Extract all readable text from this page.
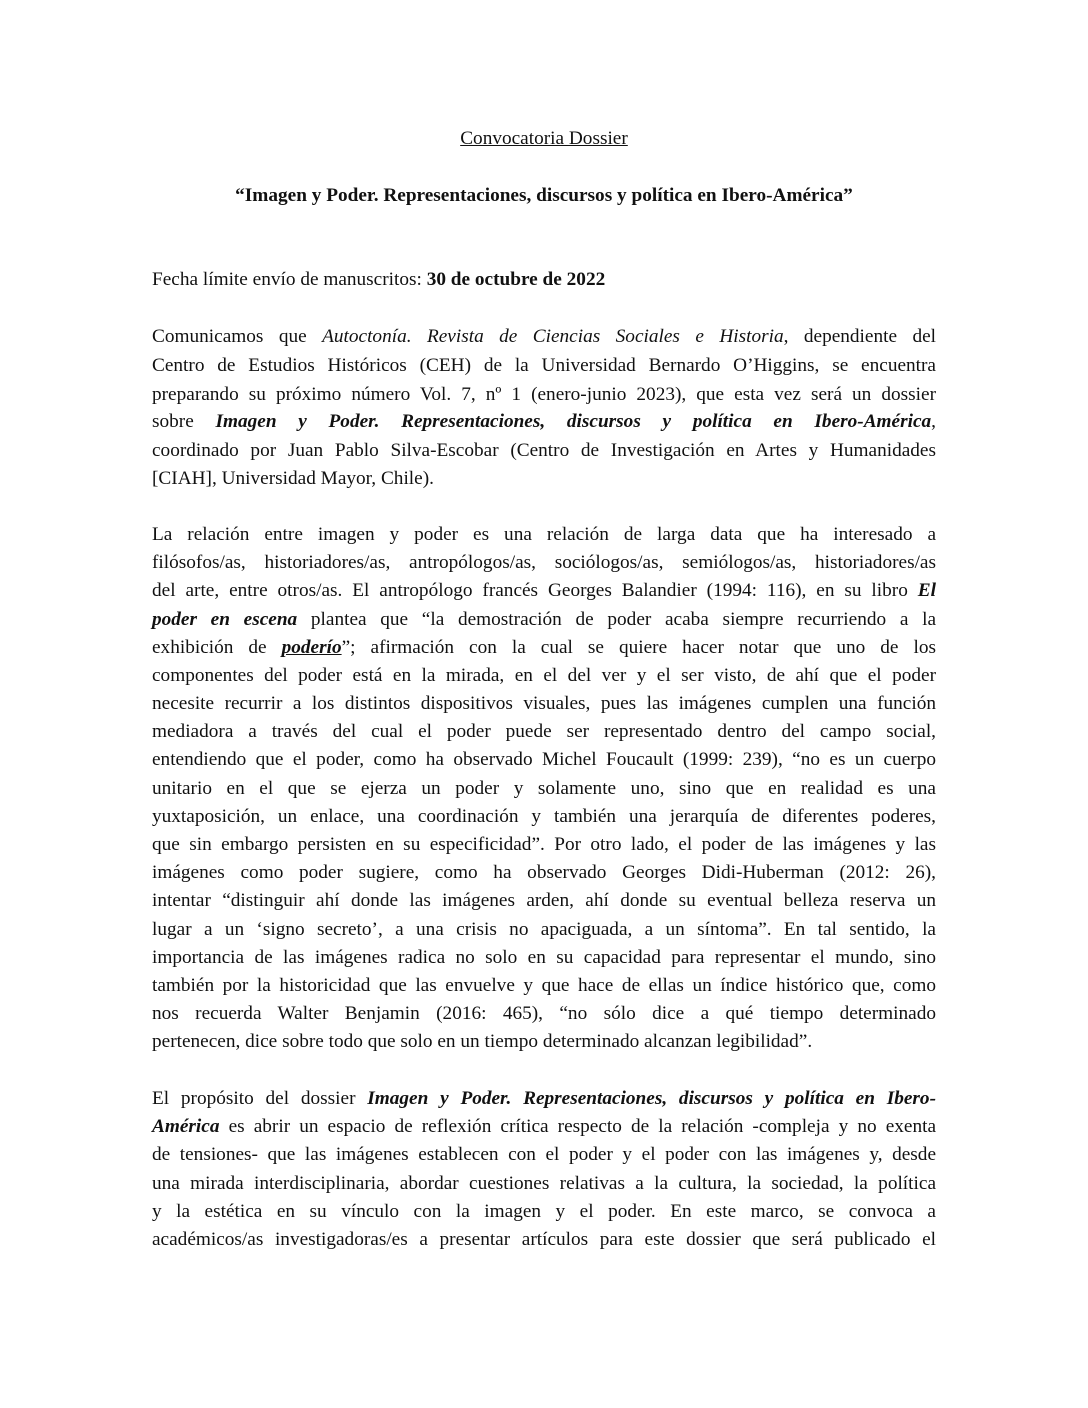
Convocatoria Dossier
“Imagen y Poder. Representaciones, discursos y política en Ibero-América”
Fecha límite envío de manuscritos: 30 de octubre de 2022
Comunicamos que Autoctonía. Revista de Ciencias Sociales e Historia, dependiente del
Centro de Estudios Históricos (CEH) de la Universidad Bernardo O’Higgins, se encuentra
preparando su próximo número Vol. 7, nº 1 (enero-junio 2023), que esta vez será un dossier
sobre Imagen y Poder. Representaciones, discursos y política en Ibero-América,
coordinado por Juan Pablo Silva-Escobar (Centro de Investigación en Artes y Humanidades
[CIAH], Universidad Mayor, Chile).
La relación entre imagen y poder es una relación de larga data que ha interesado a
filósofos/as, historiadores/as, antropólogos/as, sociólogos/as, semiólogos/as, historiadores/as
del arte, entre otros/as. El antropólogo francés Georges Balandier (1994: 116), en su libro El
poder en escena plantea que “la demostración de poder acaba siempre recurriendo a la
exhibición de poderío”; afirmación con la cual se quiere hacer notar que uno de los
componentes del poder está en la mirada, en el del ver y el ser visto, de ahí que el poder
necesite recurrir a los distintos dispositivos visuales, pues las imágenes cumplen una función
mediadora a través del cual el poder puede ser representado dentro del campo social,
entendiendo que el poder, como ha observado Michel Foucault (1999: 239), “no es un cuerpo
unitario en el que se ejerza un poder y solamente uno, sino que en realidad es una
yuxtaposición, un enlace, una coordinación y también una jerarquía de diferentes poderes,
que sin embargo persisten en su especificidad”. Por otro lado, el poder de las imágenes y las
imágenes como poder sugiere, como ha observado Georges Didi-Huberman (2012: 26),
intentar “distinguir ahí donde las imágenes arden, ahí donde su eventual belleza reserva un
lugar a un ‘signo secreto’, a una crisis no apaciguada, a un síntoma”. En tal sentido, la
importancia de las imágenes radica no solo en su capacidad para representar el mundo, sino
también por la historicidad que las envuelve y que hace de ellas un índice histórico que, como
nos recuerda Walter Benjamin (2016: 465), “no sólo dice a qué tiempo determinado
pertenecen, dice sobre todo que solo en un tiempo determinado alcanzan legibilidad”.
El propósito del dossier Imagen y Poder. Representaciones, discursos y política en Ibero-
América es abrir un espacio de reflexión crítica respecto de la relación -compleja y no exenta
de tensiones- que las imágenes establecen con el poder y el poder con las imágenes y, desde
una mirada interdisciplinaria, abordar cuestiones relativas a la cultura, la sociedad, la política
y la estética en su vínculo con la imagen y el poder. En este marco, se convoca a
académicos/as investigadoras/es a presentar artículos para este dossier que será publicado el
